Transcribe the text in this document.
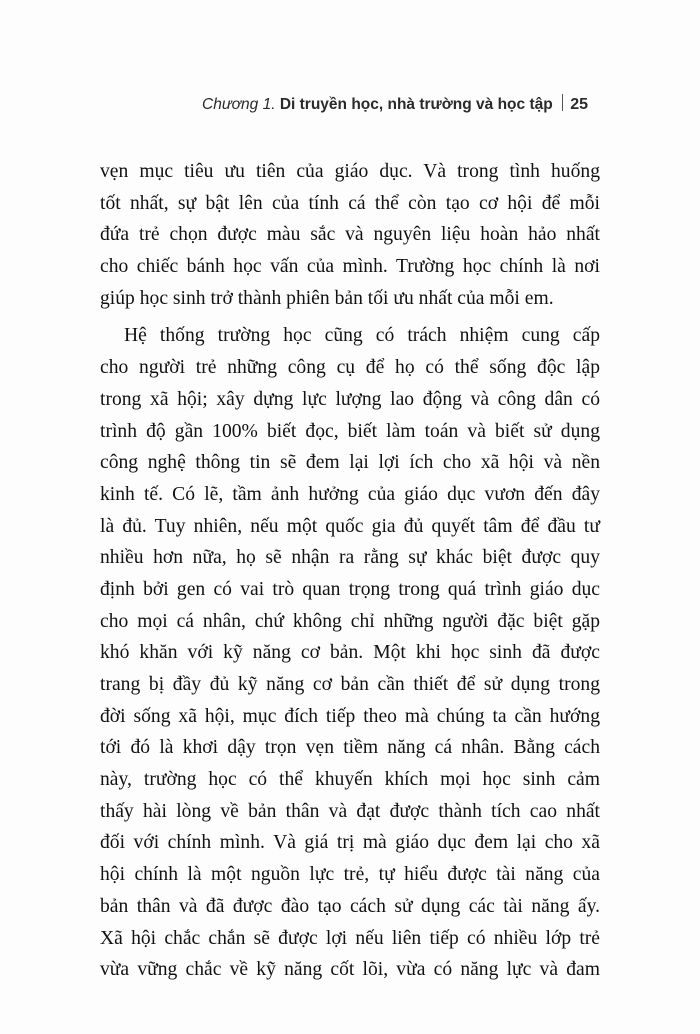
Chương 1. Di truyền học, nhà trường và học tập 25
vẹn mục tiêu ưu tiên của giáo dục. Và trong tình huống
tốt nhất, sự bật lên của tính cá thể còn tạo cơ hội để mỗi
đứa trẻ chọn được màu sắc và nguyên liệu hoàn hảo nhất
cho chiếc bánh học vấn của mình. Trường học chính là nơi
giúp học sinh trở thành phiên bản tối ưu nhất của mỗi em.
Hệ thống trường học cũng có trách nhiệm cung cấp
cho người trẻ những công cụ để họ có thể sống độc lập
trong xã hội; xây dựng lực lượng lao động và công dân có
trình độ gần 100% biết đọc, biết làm toán và biết sử dụng
công nghệ thông tin sẽ đem lại lợi ích cho xã hội và nền
kinh tế. Có lẽ, tầm ảnh hưởng của giáo dục vươn đến đây
là đủ. Tuy nhiên, nếu một quốc gia đủ quyết tâm để đầu tư
nhiều hơn nữa, họ sẽ nhận ra rằng sự khác biệt được quy
định bởi gen có vai trò quan trọng trong quá trình giáo dục
cho mọi cá nhân, chứ không chỉ những người đặc biệt gặp
khó khăn với kỹ năng cơ bản. Một khi học sinh đã được
trang bị đầy đủ kỹ năng cơ bản cần thiết để sử dụng trong
đời sống xã hội, mục đích tiếp theo mà chúng ta cần hướng
tới đó là khơi dậy trọn vẹn tiềm năng cá nhân. Bằng cách
này, trường học có thể khuyến khích mọi học sinh cảm
thấy hài lòng về bản thân và đạt được thành tích cao nhất
đối với chính mình. Và giá trị mà giáo dục đem lại cho xã
hội chính là một nguồn lực trẻ, tự hiểu được tài năng của
bản thân và đã được đào tạo cách sử dụng các tài năng ấy.
Xã hội chắc chắn sẽ được lợi nếu liên tiếp có nhiều lớp trẻ
vừa vững chắc về kỹ năng cốt lõi, vừa có năng lực và đam
